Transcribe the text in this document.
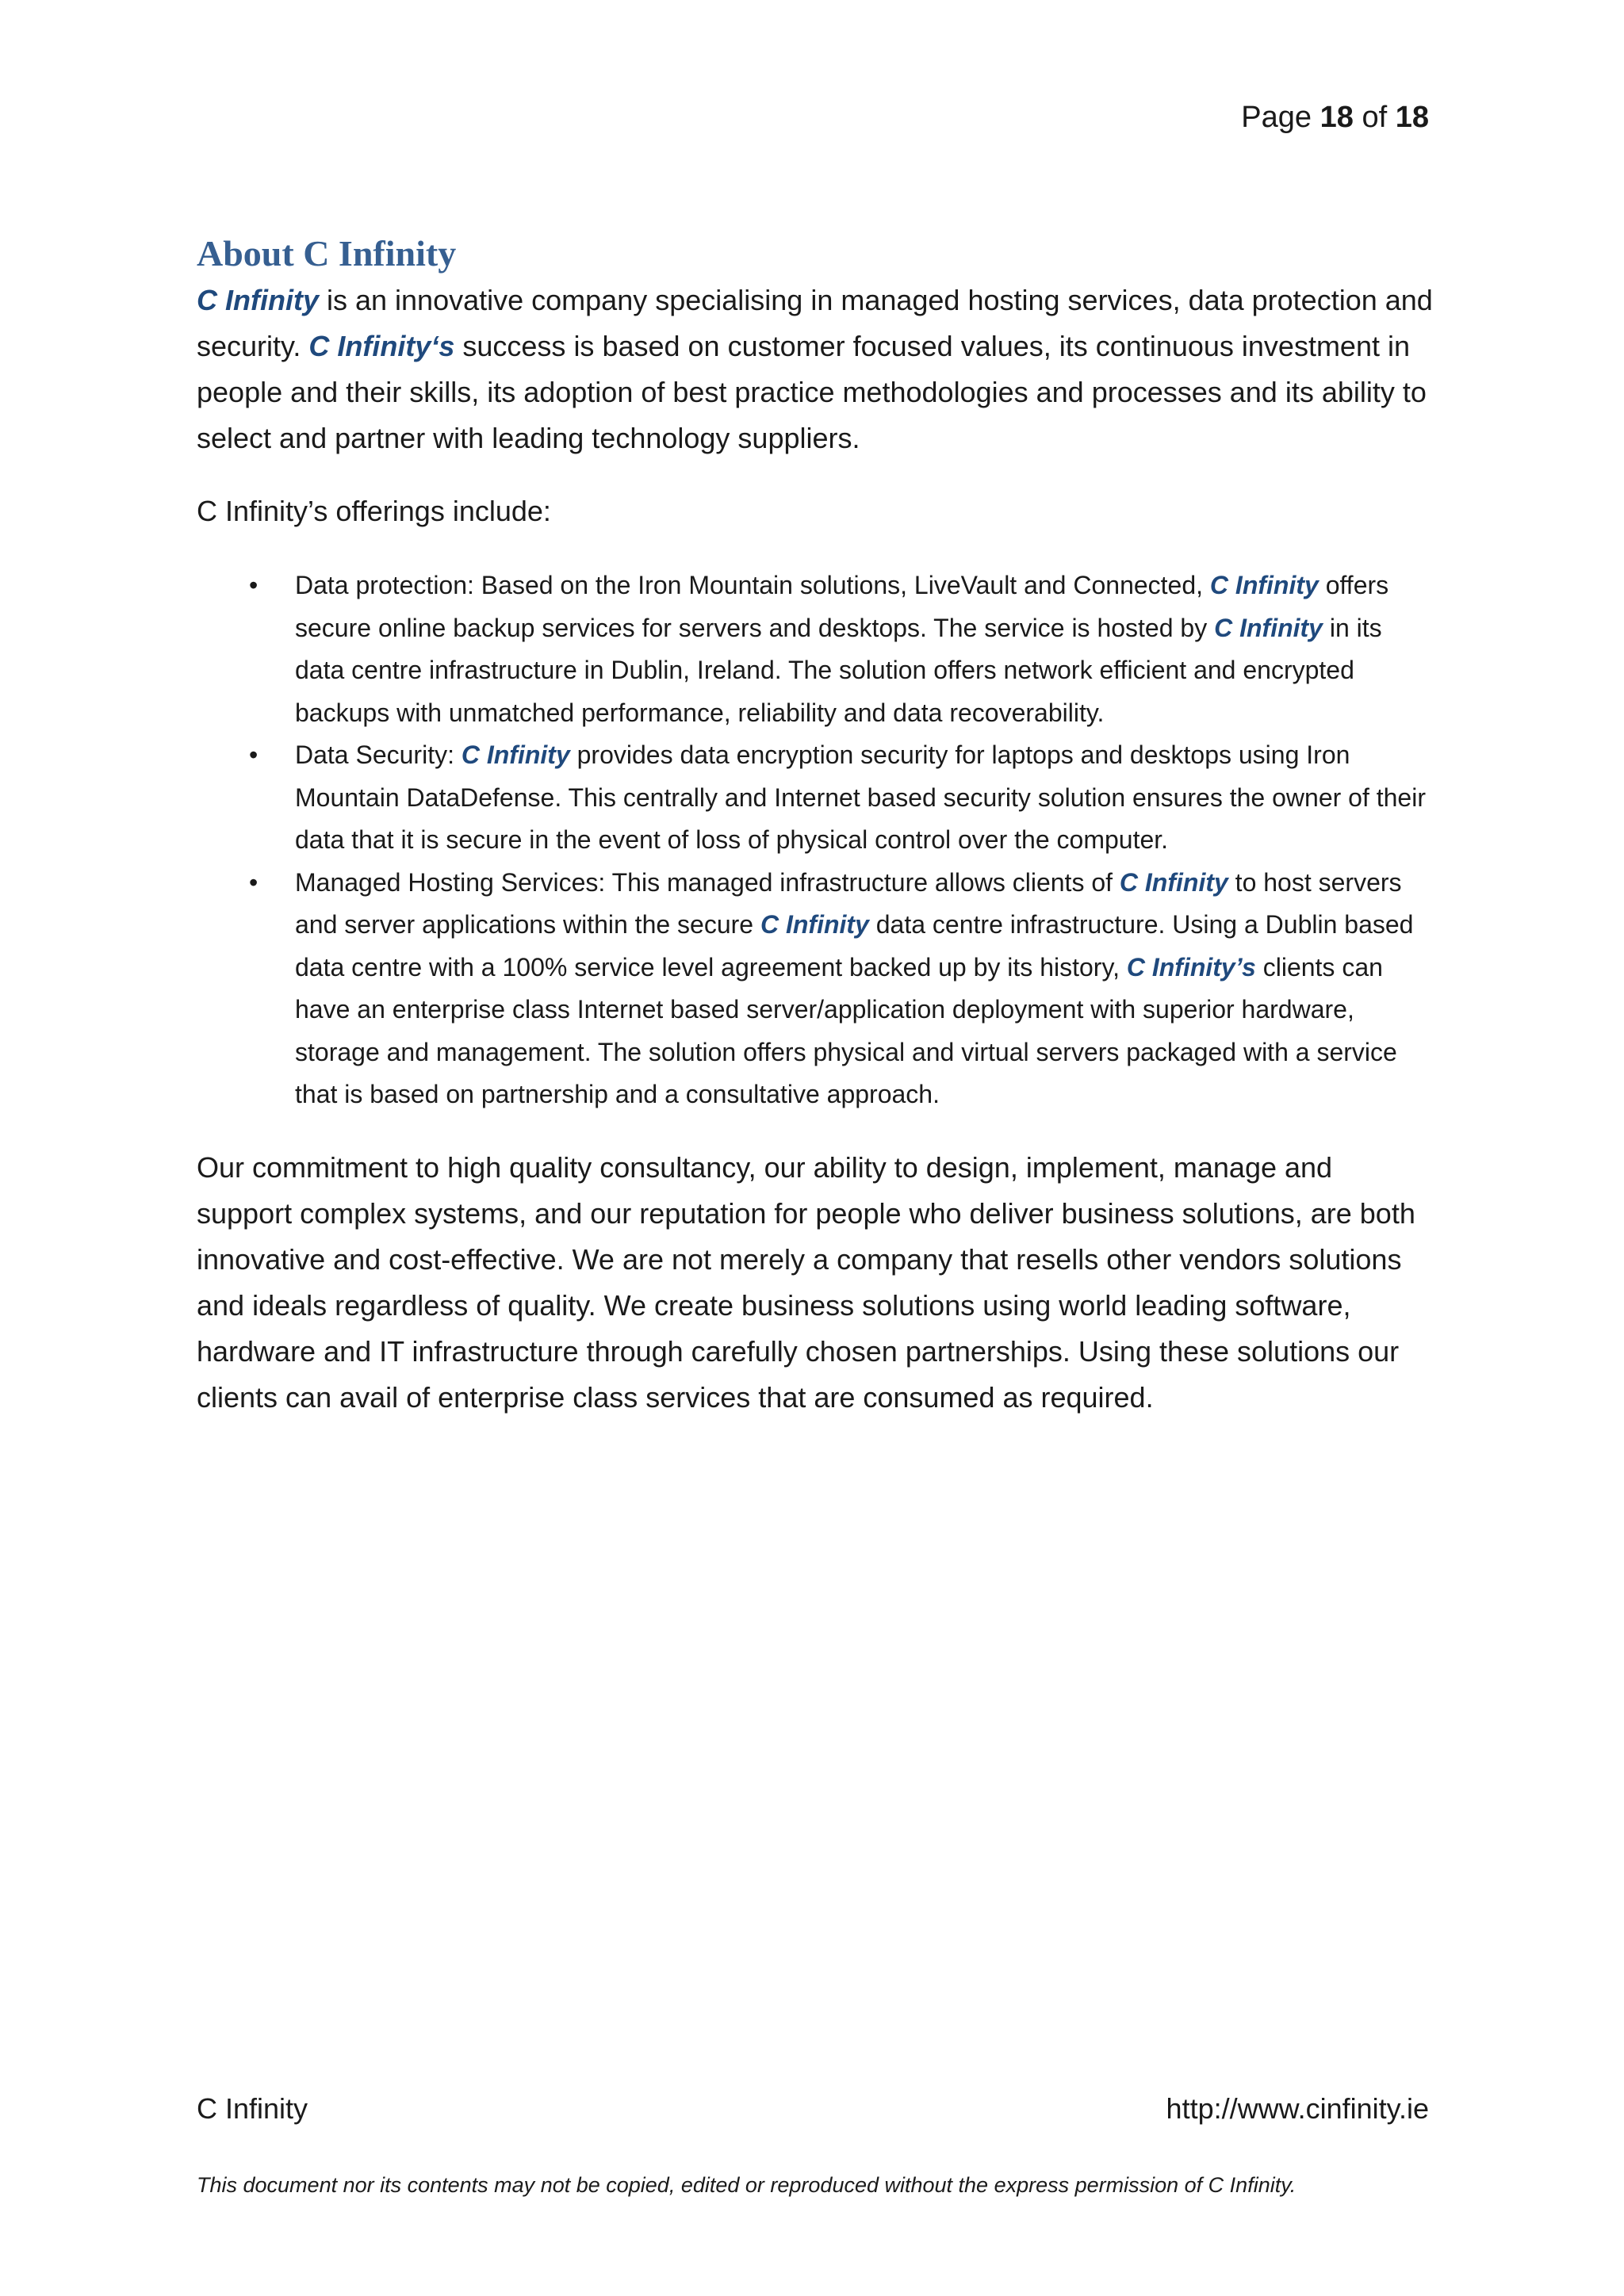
Page 18 of 18
About C Infinity

C Infinity is an innovative company specialising in managed hosting services, data protection and security. C Infinity‘s success is based on customer focused values, its continuous investment in people and their skills, its adoption of best practice methodologies and processes and its ability to select and partner with leading technology suppliers.

C Infinity’s offerings include:

• Data protection: Based on the Iron Mountain solutions, LiveVault and Connected, C Infinity offers secure online backup services for servers and desktops. The service is hosted by C Infinity in its data centre infrastructure in Dublin, Ireland. The solution offers network efficient and encrypted backups with unmatched performance, reliability and data recoverability.
• Data Security: C Infinity provides data encryption security for laptops and desktops using Iron Mountain DataDefense. This centrally and Internet based security solution ensures the owner of their data that it is secure in the event of loss of physical control over the computer.
• Managed Hosting Services: This managed infrastructure allows clients of C Infinity to host servers and server applications within the secure C Infinity data centre infrastructure. Using a Dublin based data centre with a 100% service level agreement backed up by its history, C Infinity’s clients can have an enterprise class Internet based server/application deployment with superior hardware, storage and management. The solution offers physical and virtual servers packaged with a service that is based on partnership and a consultative approach.

Our commitment to high quality consultancy, our ability to design, implement, manage and support complex systems, and our reputation for people who deliver business solutions, are both innovative and cost-effective. We are not merely a company that resells other vendors solutions and ideals regardless of quality. We create business solutions using world leading software, hardware and IT infrastructure through carefully chosen partnerships. Using these solutions our clients can avail of enterprise class services that are consumed as required.

C Infinity	http://www.cinfinity.ie
This document nor its contents may not be copied, edited or reproduced without the express permission of C Infinity.
